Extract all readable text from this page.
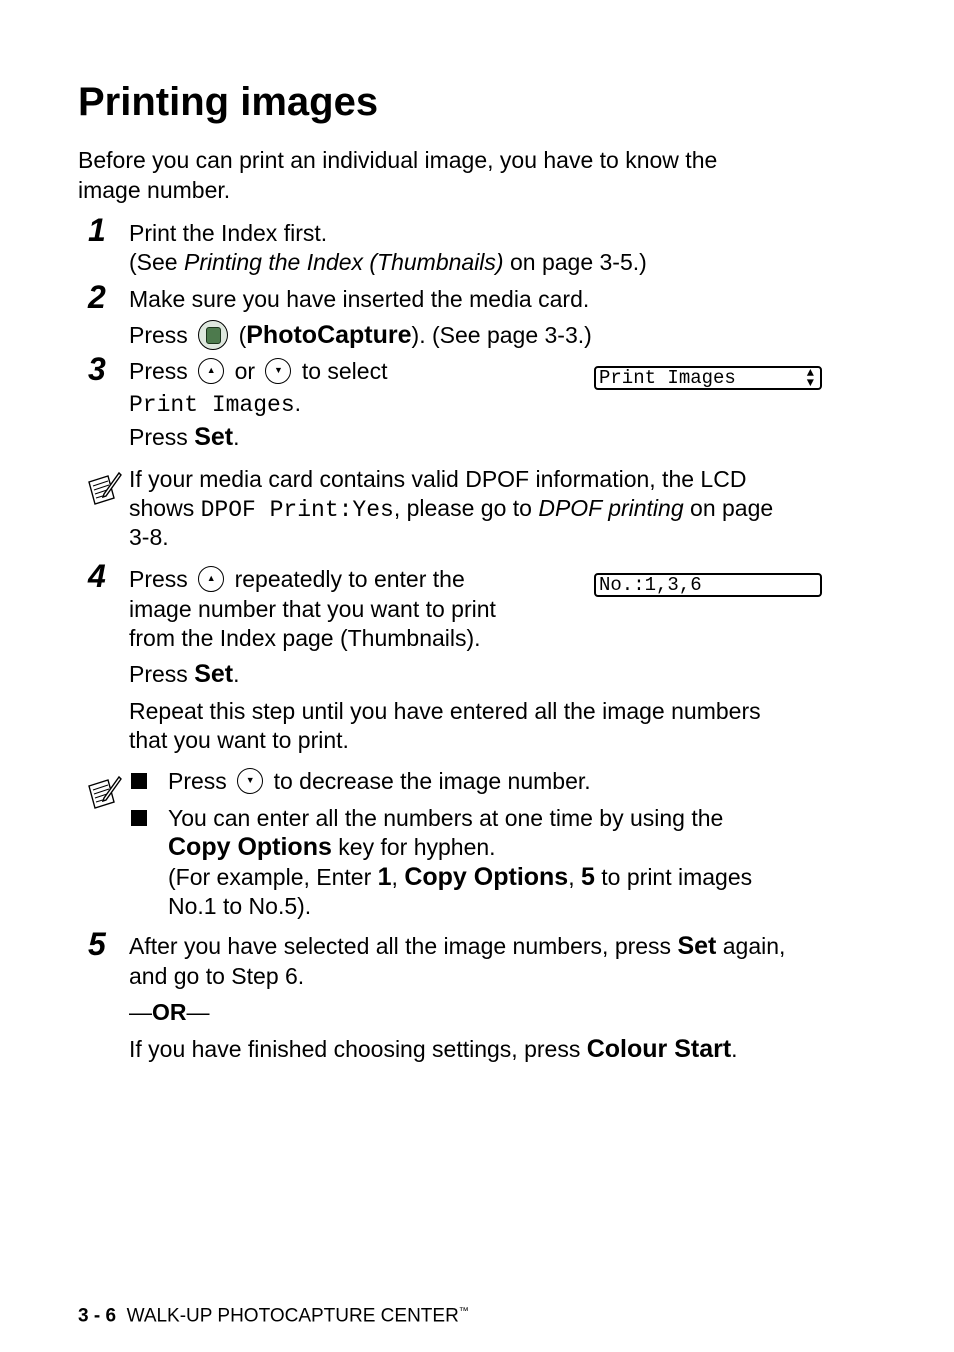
Printing images
Before you can print an individual image, you have to know the
image number.
1 Print the Index first.
(See Printing the Index (Thumbnails) on page 3-5.)
2 Make sure you have inserted the media card.
Press (PhotoCapture). (See page 3-3.)
3 Press ▲ or ▼ to select
Print Images.
Press Set.
Print Images	▲
▼
If your media card contains valid DPOF information, the LCD
shows DPOF Print:Yes, please go to DPOF printing on page
3-8.
4 Press ▲ repeatedly to enter the
image number that you want to print
from the Index page (Thumbnails).
Press Set.
Repeat this step until you have entered all the image numbers
that you want to print.
No.:1,3,6
Press ▼ to decrease the image number.
You can enter all the numbers at one time by using the
Copy Options key for hyphen.
(For example, Enter 1, Copy Options, 5 to print images
No.1 to No.5).
5 After you have selected all the image numbers, press Set again,
and go to Step 6.
—OR—
If you have finished choosing settings, press Colour Start.
3 - 6 WALK-UP PHOTOCAPTURE CENTER™
